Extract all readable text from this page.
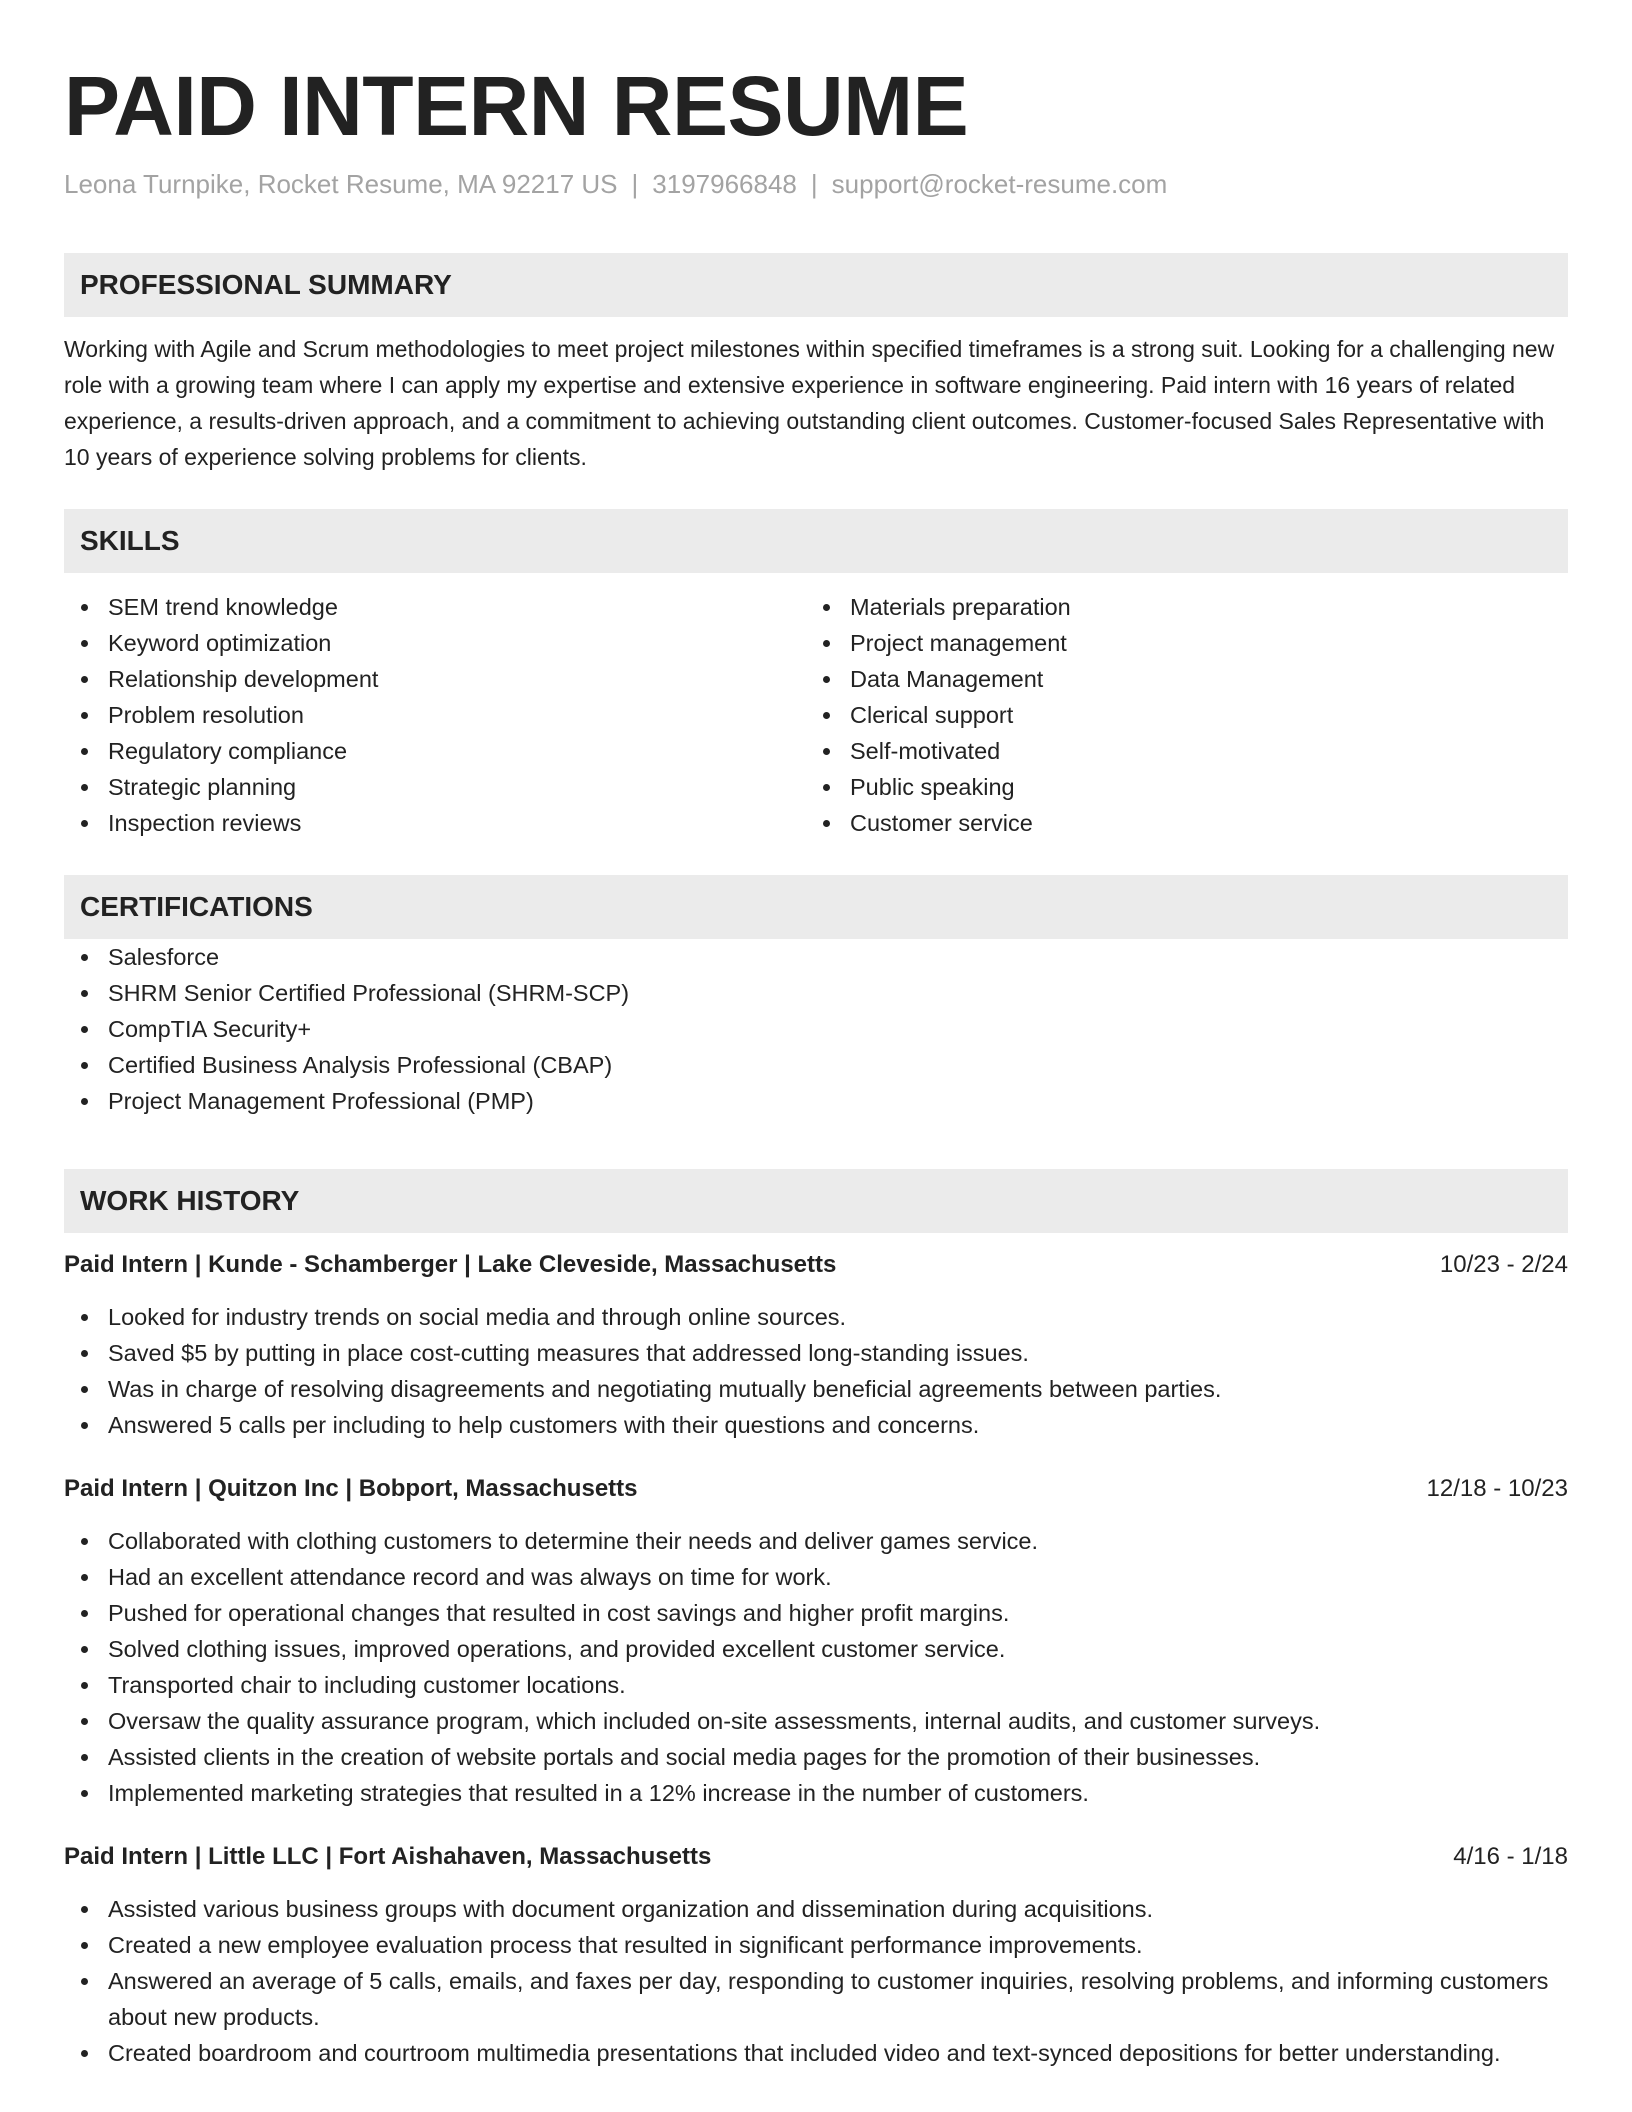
PAID INTERN RESUME
Leona Turnpike, Rocket Resume, MA 92217 US | 3197966848 | support@rocket-resume.com
PROFESSIONAL SUMMARY

Working with Agile and Scrum methodologies to meet project milestones within specified timeframes is a strong suit. Looking for a challenging new role with a growing team where I can apply my expertise and extensive experience in software engineering. Paid intern with 16 years of related experience, a results-driven approach, and a commitment to achieving outstanding client outcomes. Customer-focused Sales Representative with 10 years of experience solving problems for clients.

SKILLS
SEM trend knowledge
Keyword optimization
Relationship development
Problem resolution
Regulatory compliance
Strategic planning
Inspection reviews
Materials preparation
Project management
Data Management
Clerical support
Self-motivated
Public speaking
Customer service
CERTIFICATIONS
Salesforce
SHRM Senior Certified Professional (SHRM-SCP)
CompTIA Security+
Certified Business Analysis Professional (CBAP)
Project Management Professional (PMP)
WORK HISTORY
Paid Intern | Kunde - Schamberger | Lake Cleveside, Massachusetts	10/23 - 2/24
Looked for industry trends on social media and through online sources.
Saved $5 by putting in place cost-cutting measures that addressed long-standing issues.
Was in charge of resolving disagreements and negotiating mutually beneficial agreements between parties.
Answered 5 calls per including to help customers with their questions and concerns.
Paid Intern | Quitzon Inc | Bobport, Massachusetts	12/18 - 10/23
Collaborated with clothing customers to determine their needs and deliver games service.
Had an excellent attendance record and was always on time for work.
Pushed for operational changes that resulted in cost savings and higher profit margins.
Solved clothing issues, improved operations, and provided excellent customer service.
Transported chair to including customer locations.
Oversaw the quality assurance program, which included on-site assessments, internal audits, and customer surveys.
Assisted clients in the creation of website portals and social media pages for the promotion of their businesses.
Implemented marketing strategies that resulted in a 12% increase in the number of customers.
Paid Intern | Little LLC | Fort Aishahaven, Massachusetts	4/16 - 1/18
Assisted various business groups with document organization and dissemination during acquisitions.
Created a new employee evaluation process that resulted in significant performance improvements.
Answered an average of 5 calls, emails, and faxes per day, responding to customer inquiries, resolving problems, and informing customers about new products.
Created boardroom and courtroom multimedia presentations that included video and text-synced depositions for better understanding.
